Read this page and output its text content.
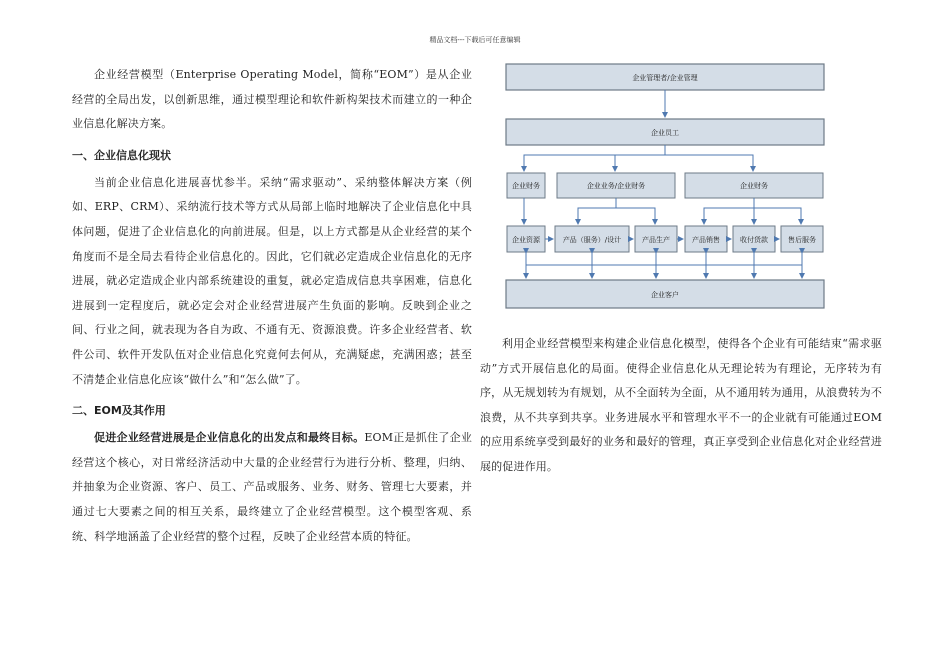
精品文档---下载后可任意编辑

企业经营模型（Enterprise Operating Model，简称“EOM”）是从企业经营的全局出发，以创新思维，通过模型理论和软件新构架技术而建立的一种企业信息化解决方案。

一、企业信息化现状

当前企业信息化进展喜忧参半。采纳“需求驱动”、采纳整体解决方案（例如、ERP、CRM）、采纳流行技术等方式从局部上临时地解决了企业信息化中具体问题，促进了企业信息化的向前进展。但是，以上方式都是从企业经营的某个角度而不是全局去看待企业信息化的。因此，它们就必定造成企业信息化的无序进展，就必定造成企业内部系统建设的重复，就必定造成信息共享困难，信息化进展到一定程度后，就必定会对企业经营进展产生负面的影响。反映到企业之间、行业之间，就表现为各自为政、不通有无、资源浪费。许多企业经营者、软件公司、软件开发队伍对企业信息化究竟何去何从，充满疑虑，充满困惑；甚至不清楚企业信息化应该“做什么”和“怎么做”了。

二、EOM及其作用

促进企业经营进展是企业信息化的出发点和最终目标。EOM正是抓住了企业经营这个核心，对日常经济活动中大量的企业经营行为进行分析、整理，归纳、并抽象为企业资源、客户、员工、产品或服务、业务、财务、管理七大要素，并通过七大要素之间的相互关系，最终建立了企业经营模型。这个模型客观、系统、科学地涵盖了企业经营的整个过程，反映了企业经营本质的特征。

企业管理者/企业管理
企业员工
企业财务	企业业务/企业财务	企业财务
企业资源	产品（服务）/设计	产品生产	产品销售	收付货款	售后服务
企业客户

利用企业经营模型来构建企业信息化模型，使得各个企业有可能结束“需求驱动”方式开展信息化的局面。使得企业信息化从无理论转为有理论，无序转为有序，从无规划转为有规划，从不全面转为全面，从不通用转为通用，从浪费转为不浪费，从不共享到共享。业务进展水平和管理水平不一的企业就有可能通过EOM的应用系统享受到最好的业务和最好的管理，真正享受到企业信息化对企业经营进展的促进作用。
